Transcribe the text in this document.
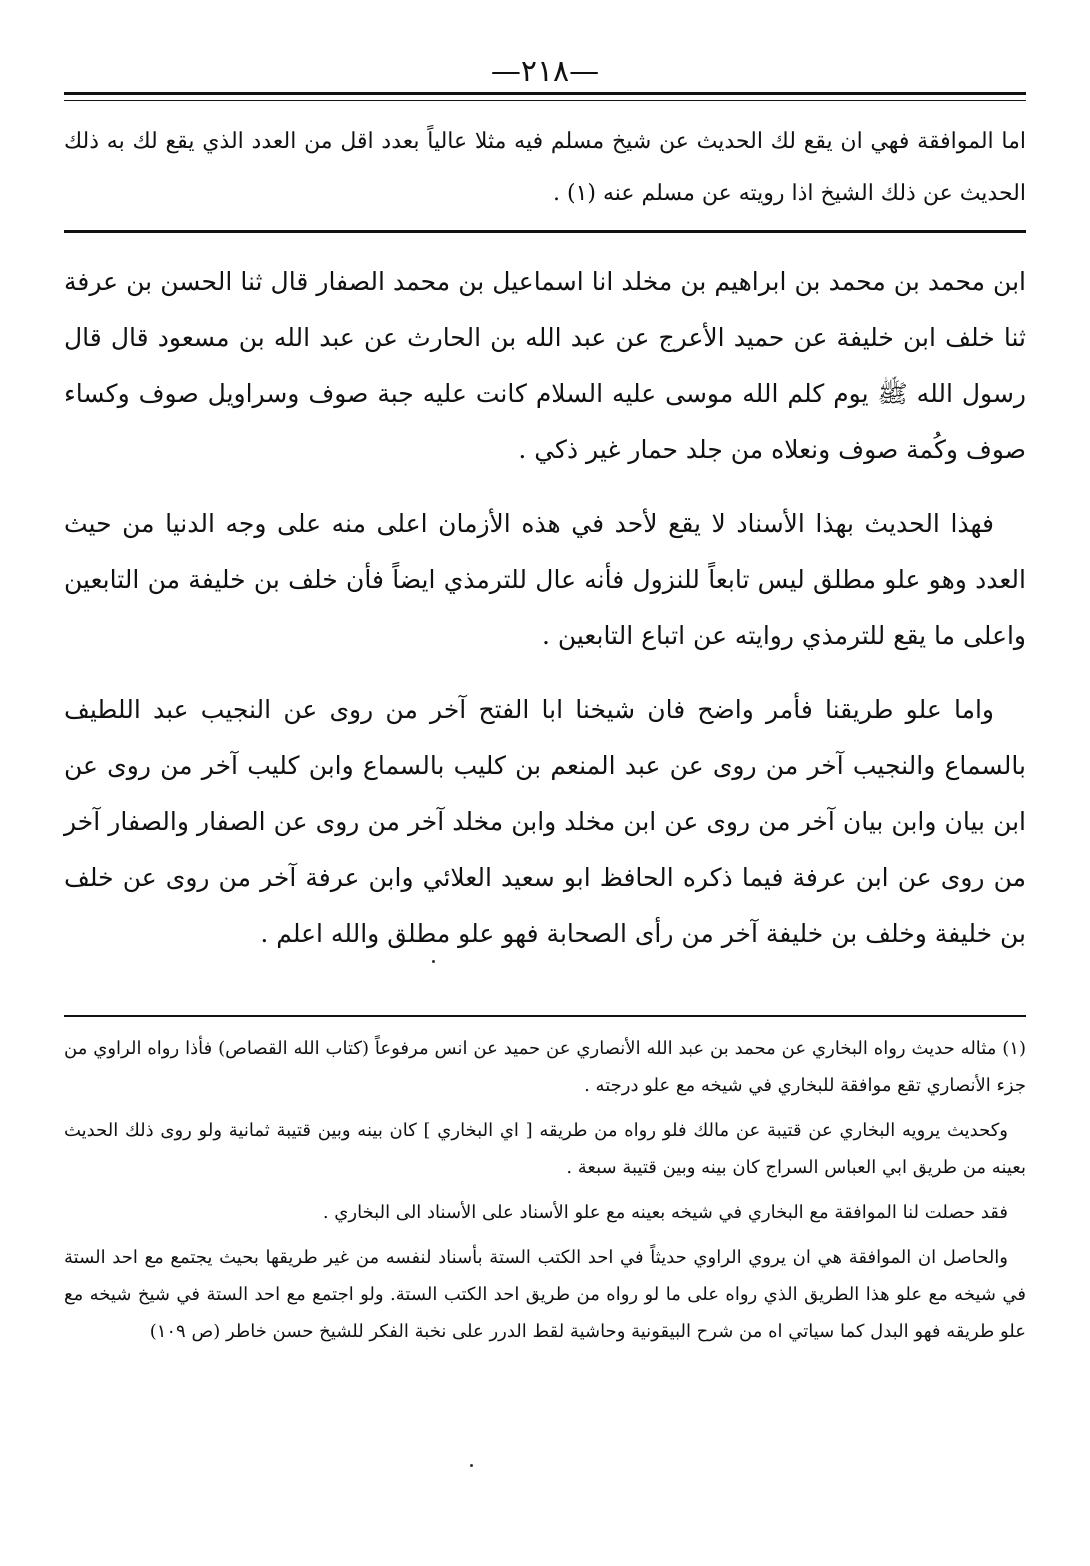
—٢١٨—
اما الموافقة فهي ان يقع لك الحديث عن شيخ مسلم فيه مثلا عالياً بعدد اقل من العدد الذي يقع لك به ذلك الحديث عن ذلك الشيخ اذا رويته عن مسلم عنه (١) .

ابن محمد بن محمد بن ابراهيم بن مخلد انا اسماعيل بن محمد الصفار قال ثنا الحسن بن عرفة ثنا خلف ابن خليفة عن حميد الأعرج عن عبد الله بن الحارث عن عبد الله بن مسعود قال قال رسول الله ﷺ يوم كلم الله موسى عليه السلام كانت عليه جبة صوف وسراويل صوف وكساء صوف وكُمة صوف ونعلاه من جلد حمار غير ذكي .

فهذا الحديث بهذا الأسناد لا يقع لأحد في هذه الأزمان اعلى منه على وجه الدنيا من حيث العدد وهو علو مطلق ليس تابعاً للنزول فأنه عال للترمذي ايضاً فأن خلف بن خليفة من التابعين واعلى ما يقع للترمذي روايته عن اتباع التابعين .

واما علو طريقنا فأمر واضح فان شيخنا ابا الفتح آخر من روى عن النجيب عبد اللطيف بالسماع والنجيب آخر من روى عن عبد المنعم بن كليب بالسماع وابن كليب آخر من روى عن ابن بيان وابن بيان آخر من روى عن ابن مخلد وابن مخلد آخر من روى عن الصفار والصفار آخر من روى عن ابن عرفة فيما ذكره الحافظ ابو سعيد العلائي وابن عرفة آخر من روى عن خلف بن خليفة وخلف بن خليفة آخر من رأى الصحابة فهو علو مطلق والله اعلم .

(١) مثاله حديث رواه البخاري عن محمد بن عبد الله الأنصاري عن حميد عن انس مرفوعاً (كتاب الله القصاص) فأذا رواه الراوي من جزء الأنصاري تقع موافقة للبخاري في شيخه مع علو درجته .

وكحديث يرويه البخاري عن قتيبة عن مالك فلو رواه من طريقه [ اي البخاري ] كان بينه وبين قتيبة ثمانية ولو روى ذلك الحديث بعينه من طريق ابي العباس السراج كان بينه وبين قتيبة سبعة .

فقد حصلت لنا الموافقة مع البخاري في شيخه بعينه مع علو الأسناد على الأسناد الى البخاري .

والحاصل ان الموافقة هي ان يروي الراوي حديثاً في احد الكتب الستة بأسناد لنفسه من غير طريقها بحيث يجتمع مع احد الستة في شيخه مع علو هذا الطريق الذي رواه على ما لو رواه من طريق احد الكتب الستة. ولو اجتمع مع احد الستة في شيخ شيخه مع علو طريقه فهو البدل كما سياتي اه من شرح البيقونية وحاشية لقط الدرر على نخبة الفكر للشيخ حسن خاطر (ص ١٠٩)
